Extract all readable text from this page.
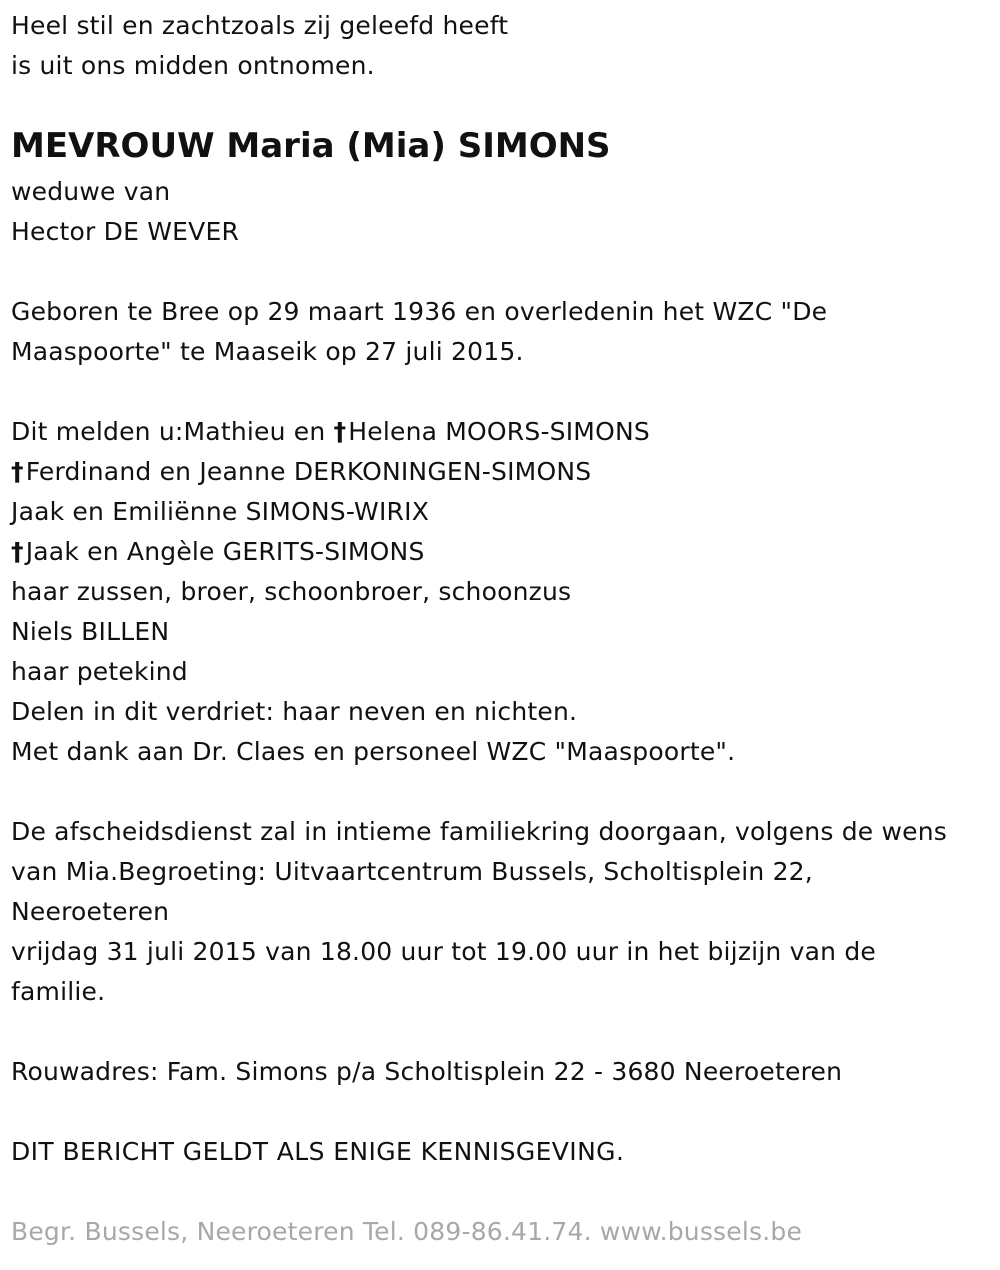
Heel stil en zachtzoals zij geleefd heeft
is uit ons midden ontnomen.
MEVROUW Maria (Mia) SIMONS
weduwe van
Hector DE WEVER
Geboren te Bree op 29 maart 1936 en overledenin het WZC "De
Maaspoorte" te Maaseik op 27 juli 2015.
Dit melden u:Mathieu en †Helena MOORS-SIMONS
†Ferdinand en Jeanne DERKONINGEN-SIMONS
Jaak en Emiliënne SIMONS-WIRIX
†Jaak en Angèle GERITS-SIMONS
haar zussen, broer, schoonbroer, schoonzus
Niels BILLEN
haar petekind
Delen in dit verdriet: haar neven en nichten.
Met dank aan Dr. Claes en personeel WZC "Maaspoorte".
De afscheidsdienst zal in intieme familiekring doorgaan, volgens de wens
van Mia.Begroeting: Uitvaartcentrum Bussels, Scholtisplein 22,
Neeroeteren
vrijdag 31 juli 2015 van 18.00 uur tot 19.00 uur in het bijzijn van de
familie.
Rouwadres: Fam. Simons p/a Scholtisplein 22 - 3680 Neeroeteren
DIT BERICHT GELDT ALS ENIGE KENNISGEVING.
Begr. Bussels, Neeroeteren Tel. 089-86.41.74. www.bussels.be
